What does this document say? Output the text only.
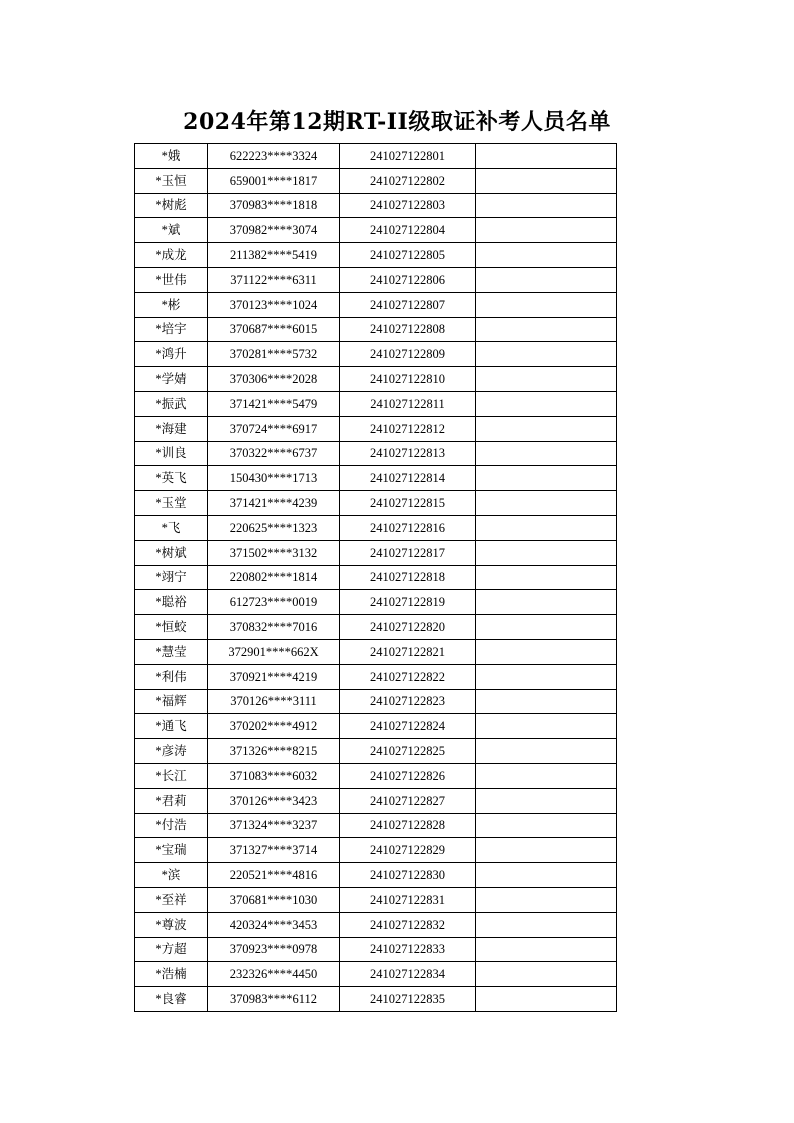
2024年第12期RT-II级取证补考人员名单
*娥	622223****3324	241027122801	
*玉恒	659001****1817	241027122802	
*树彪	370983****1818	241027122803	
*斌	370982****3074	241027122804	
*成龙	211382****5419	241027122805	
*世伟	371122****6311	241027122806	
*彬	370123****1024	241027122807	
*培宇	370687****6015	241027122808	
*鸿升	370281****5732	241027122809	
*学婧	370306****2028	241027122810	
*振武	371421****5479	241027122811	
*海建	370724****6917	241027122812	
*训良	370322****6737	241027122813	
*英飞	150430****1713	241027122814	
*玉堂	371421****4239	241027122815	
*飞	220625****1323	241027122816	
*树斌	371502****3132	241027122817	
*翊宁	220802****1814	241027122818	
*聪裕	612723****0019	241027122819	
*恒蛟	370832****7016	241027122820	
*慧莹	372901****662X	241027122821	
*利伟	370921****4219	241027122822	
*福辉	370126****3111	241027122823	
*通飞	370202****4912	241027122824	
*彦涛	371326****8215	241027122825	
*长江	371083****6032	241027122826	
*君莉	370126****3423	241027122827	
*付浩	371324****3237	241027122828	
*宝瑞	371327****3714	241027122829	
*滨	220521****4816	241027122830	
*至祥	370681****1030	241027122831	
*尊波	420324****3453	241027122832	
*方超	370923****0978	241027122833	
*浩楠	232326****4450	241027122834	
*良睿	370983****6112	241027122835	
